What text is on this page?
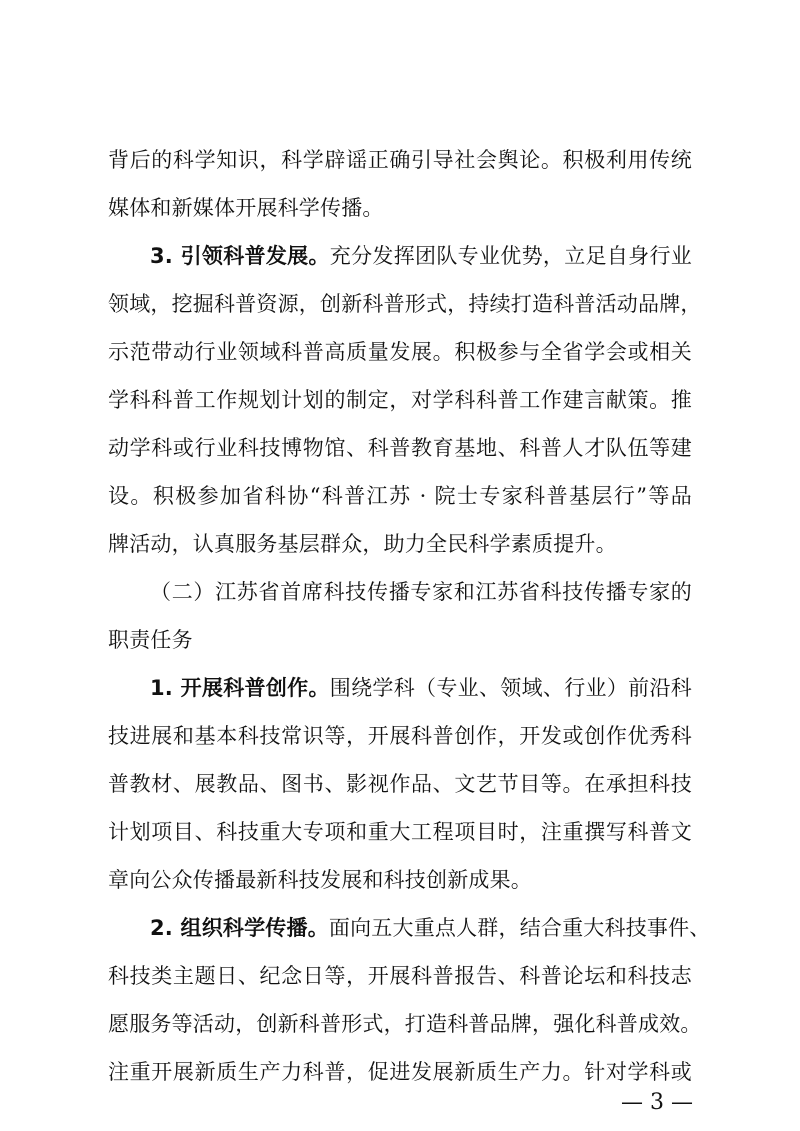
背后的科学知识，科学辟谣正确引导社会舆论。积极利用传统
媒体和新媒体开展科学传播。
3. 引领科普发展。充分发挥团队专业优势，立足自身行业
领域，挖掘科普资源，创新科普形式，持续打造科普活动品牌，
示范带动行业领域科普高质量发展。积极参与全省学会或相关
学科科普工作规划计划的制定，对学科科普工作建言献策。推
动学科或行业科技博物馆、科普教育基地、科普人才队伍等建
设。积极参加省科协“科普江苏 · 院士专家科普基层行”等品
牌活动，认真服务基层群众，助力全民科学素质提升。
（二）江苏省首席科技传播专家和江苏省科技传播专家的
职责任务
1. 开展科普创作。围绕学科（专业、领域、行业）前沿科
技进展和基本科技常识等，开展科普创作，开发或创作优秀科
普教材、展教品、图书、影视作品、文艺节目等。在承担科技
计划项目、科技重大专项和重大工程项目时，注重撰写科普文
章向公众传播最新科技发展和科技创新成果。
2. 组织科学传播。面向五大重点人群，结合重大科技事件、
科技类主题日、纪念日等，开展科普报告、科普论坛和科技志
愿服务等活动，创新科普形式，打造科普品牌，强化科普成效。
注重开展新质生产力科普，促进发展新质生产力。针对学科或
— 3 —
